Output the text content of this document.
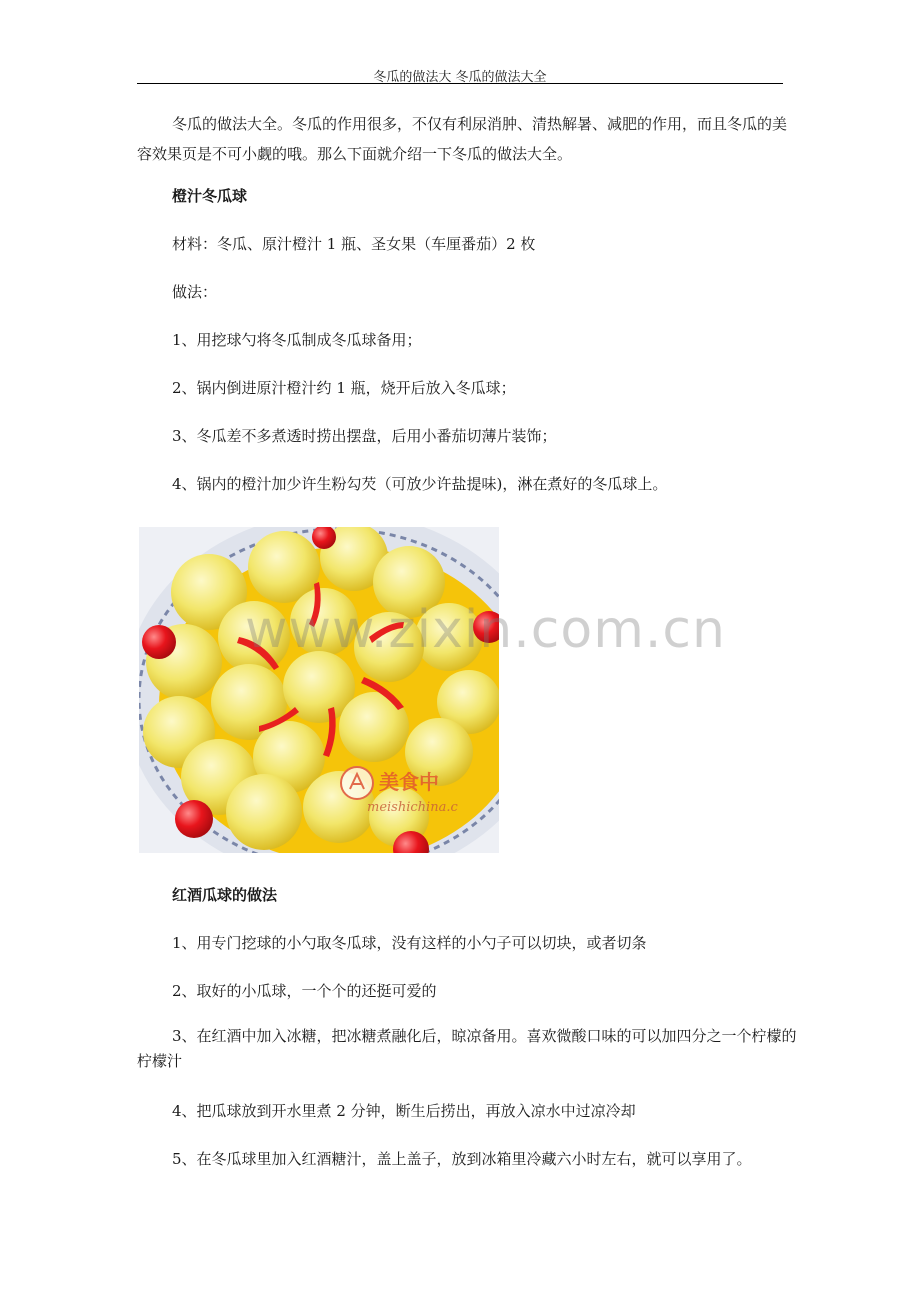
冬瓜的做法大 冬瓜的做法大全

冬瓜的做法大全。冬瓜的作用很多，不仅有利尿消肿、清热解暑、减肥的作用，而且冬瓜的美容效果页是不可小觑的哦。那么下面就介绍一下冬瓜的做法大全。

橙汁冬瓜球

材料：冬瓜、原汁橙汁 1 瓶、圣女果（车厘番茄）2 枚

做法：

1、用挖球勺将冬瓜制成冬瓜球备用；

2、锅内倒进原汁橙汁约 1 瓶，烧开后放入冬瓜球；

3、冬瓜差不多煮透时捞出摆盘，后用小番茄切薄片装饰；

4、锅内的橙汁加少许生粉勾芡（可放少许盐提味)，淋在煮好的冬瓜球上。

美食中
meishichina.c
www.zixin.com.cn

红酒瓜球的做法

1、用专门挖球的小勺取冬瓜球，没有这样的小勺子可以切块，或者切条

2、取好的小瓜球，一个个的还挺可爱的

3、在红酒中加入冰糖，把冰糖煮融化后，晾凉备用。喜欢微酸口味的可以加四分之一个柠檬的柠檬汁

4、把瓜球放到开水里煮 2 分钟，断生后捞出，再放入凉水中过凉冷却

5、在冬瓜球里加入红酒糖汁，盖上盖子，放到冰箱里冷藏六小时左右，就可以享用了。
